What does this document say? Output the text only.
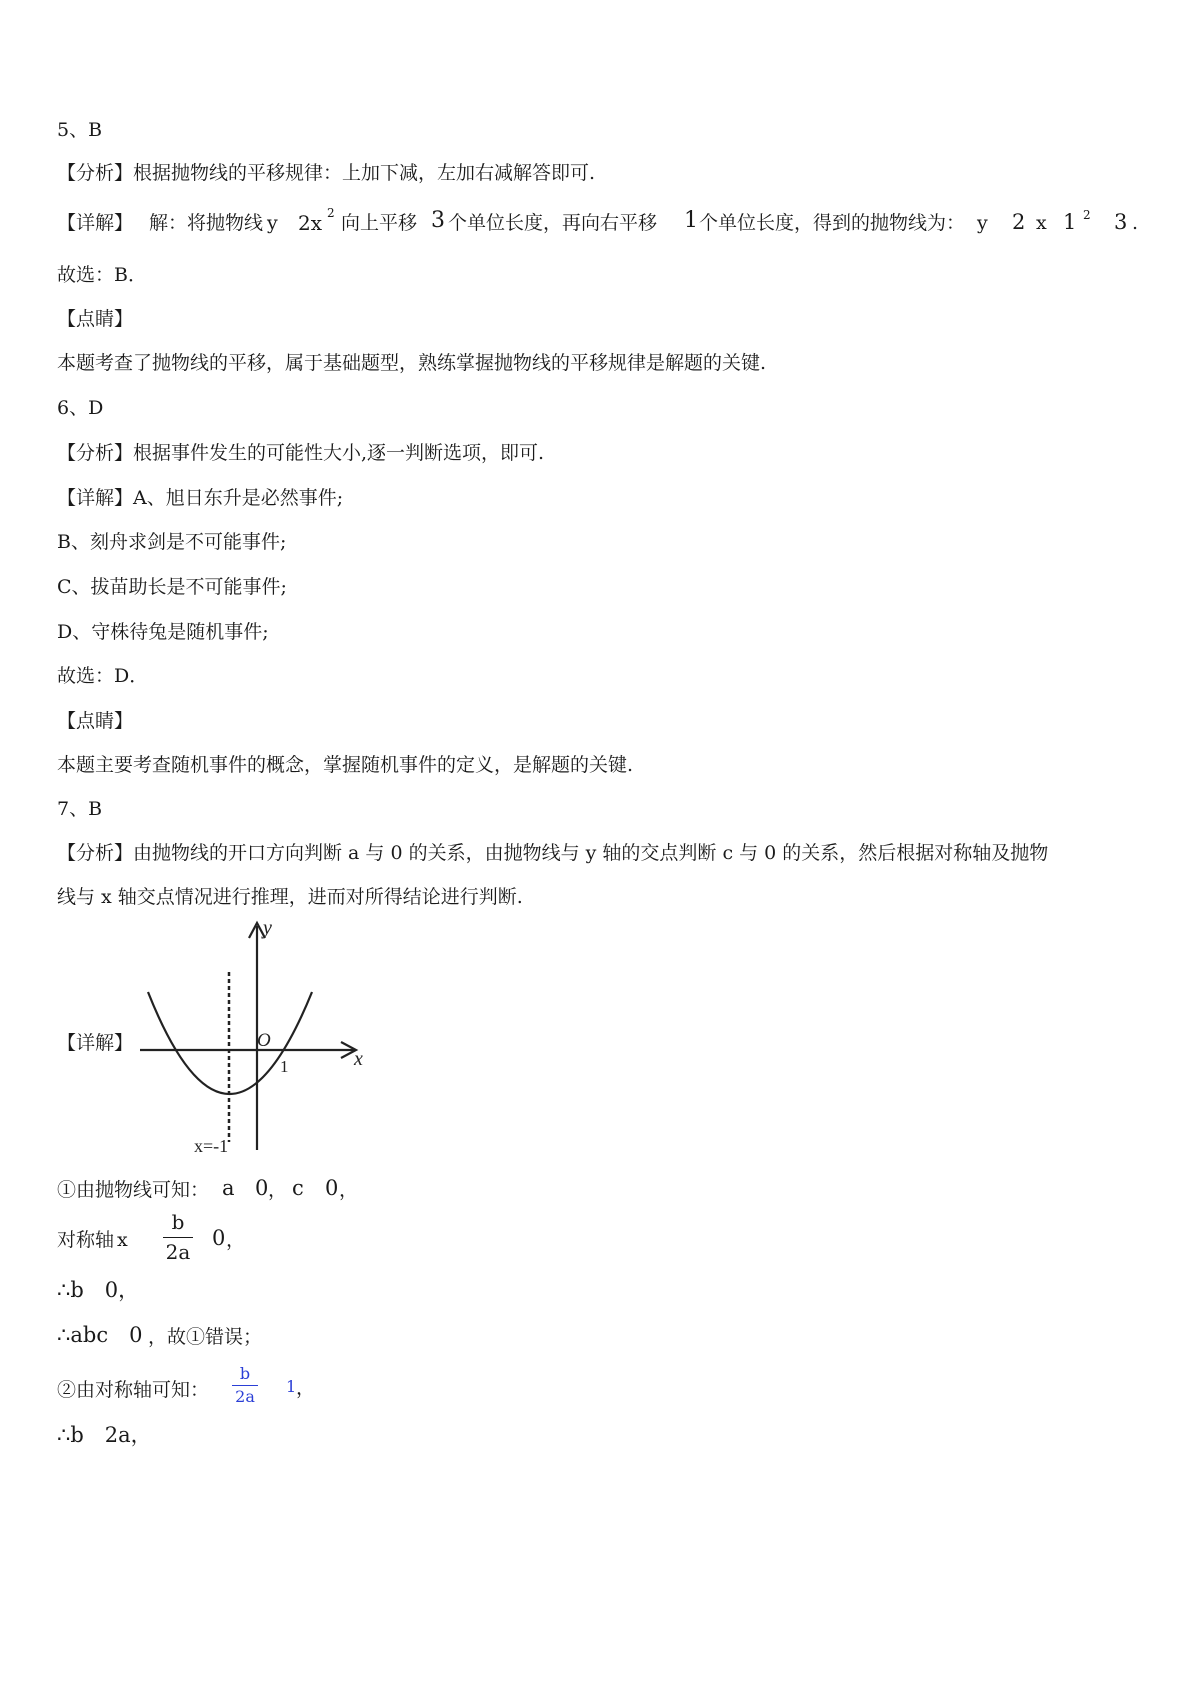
5、B
【分析】根据抛物线的平移规律：上加下减，左加右减解答即可.
【详解】 解：将抛物线 y 2x 2 向上平移 3 个单位长度，再向右平移 1 个单位长度，得到的抛物线为： y 2 x 1 2 3 .
故选：B．
【点睛】
本题考查了抛物线的平移，属于基础题型，熟练掌握抛物线的平移规律是解题的关键.
6、D
【分析】根据事件发生的可能性大小,逐一判断选项，即可.
【详解】A、旭日东升是必然事件;
B、刻舟求剑是不可能事件;
C、拔苗助长是不可能事件;
D、守株待兔是随机事件;
故选：D．
【点睛】
本题主要考查随机事件的概念，掌握随机事件的定义，是解题的关键.
7、B
【分析】由抛物线的开口方向判断 a 与 0 的关系，由抛物线与 y 轴的交点判断 c 与 0 的关系，然后根据对称轴及抛物
线与 x 轴交点情况进行推理，进而对所得结论进行判断.
【详解】
y
x
O
1
x=-1
①由抛物线可知： a 0 ， c 0 ，
对称轴 x
b
2a
0 ，
∴b　0，
∴abc　0 ，故①错误；
②由对称轴可知：
b
2a
1 ，
∴b　2a，
